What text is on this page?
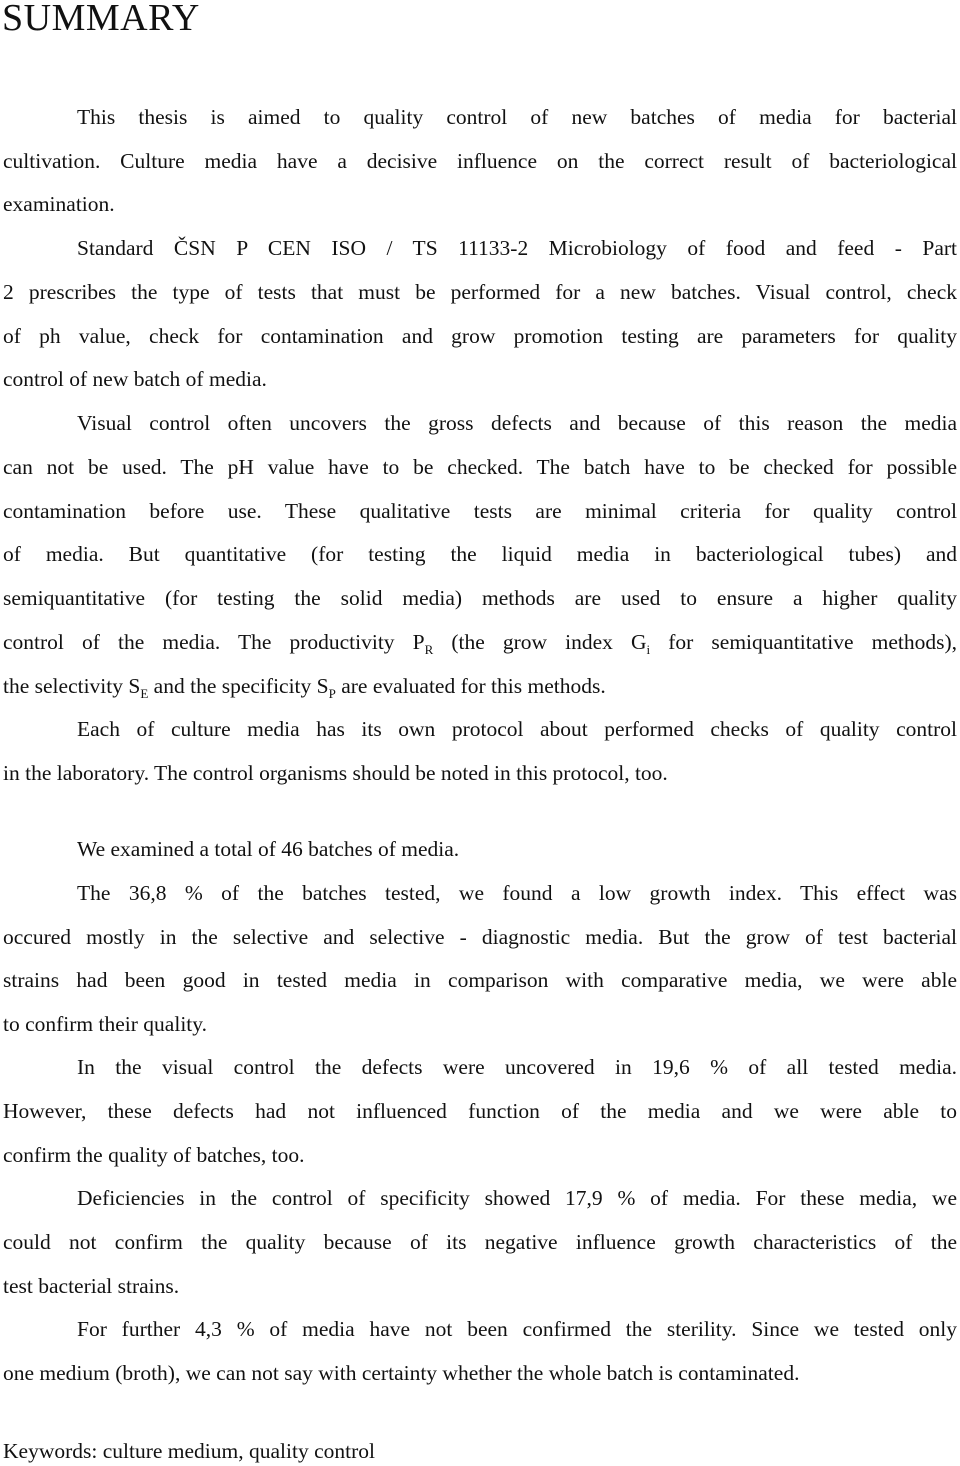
SUMMARY
This thesis is aimed to quality control of new batches of media for bacterial
cultivation. Culture media have a decisive influence on the correct result of bacteriological
examination.
Standard ČSN P CEN ISO / TS 11133-2 Microbiology of food and feed - Part
2 prescribes the type of tests that must be performed for a new batches. Visual control, check
of ph value, check for contamination and grow promotion testing are parameters for quality
control of new batch of media.
Visual control often uncovers the gross defects and because of this reason the media
can not be used. The pH value have to be checked. The batch have to be checked for possible
contamination before use. These qualitative tests are minimal criteria for quality control
of media. But quantitative (for testing the liquid media in bacteriological tubes) and
semiquantitative (for testing the solid media) methods are used to ensure a higher quality
control of the media. The productivity $P_R$ (the grow index $G_i$ for semiquantitative methods),
the selectivity $S_E$ and the specificity $S_P$ are evaluated for this methods.
Each of culture media has its own protocol about performed checks of quality control
in the laboratory. The control organisms should be noted in this protocol, too.
We examined a total of 46 batches of media.
The 36,8 % of the batches tested, we found a low growth index. This effect was
occured mostly in the selective and selective - diagnostic media. But the grow of test bacterial
strains had been good in tested media in comparison with comparative media, we were able
to confirm their quality.
In the visual control the defects were uncovered in 19,6 % of all tested media.
However, these defects had not influenced function of the media and we were able to
confirm the quality of batches, too.
Deficiencies in the control of specificity showed 17,9 % of media. For these media, we
could not confirm the quality because of its negative influence growth characteristics of the
test bacterial strains.
For further 4,3 % of media have not been confirmed the sterility. Since we tested only
one medium (broth), we can not say with certainty whether the whole batch is contaminated.
Keywords: culture medium, quality control
